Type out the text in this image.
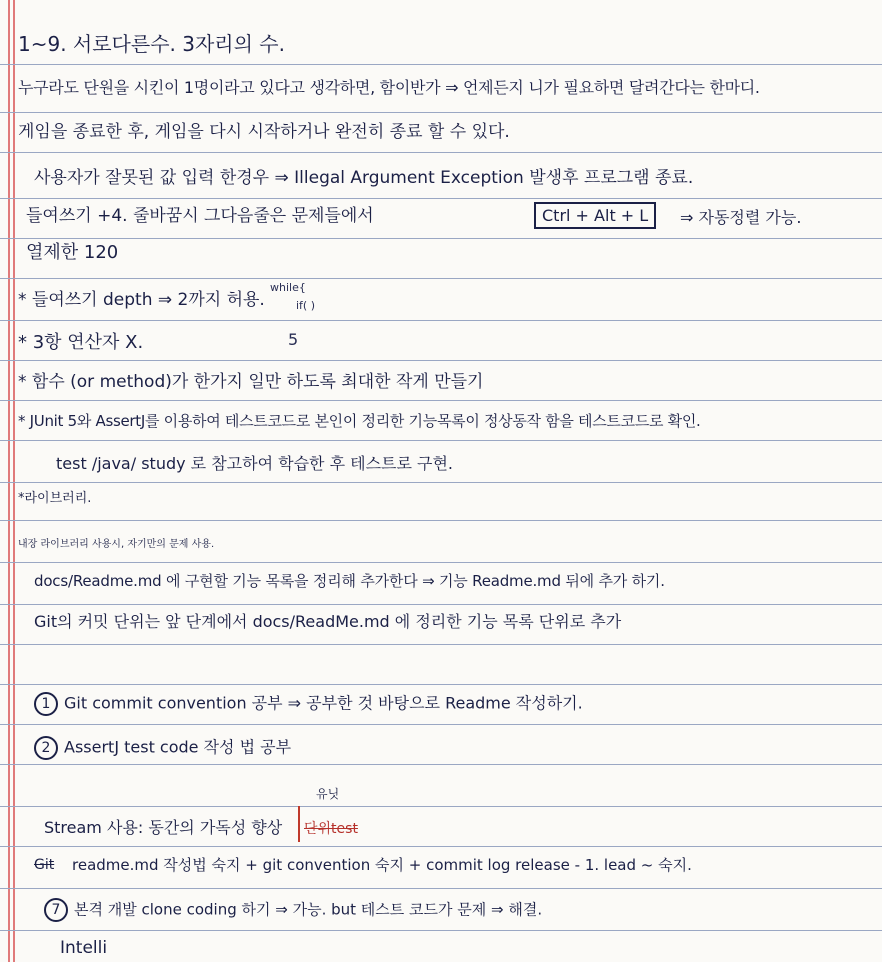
1~9. 서로다른수. 3자리의 수.
누구라도 단원을 시킨이 1명이라고 있다고 생각하면, 함이반가 ⇒ 언제든지 니가 필요하면 달려간다는 한마디.
게임을 종료한 후, 게임을 다시 시작하거나 완전히 종료 할 수 있다.
사용자가 잘못된 값 입력 한경우 ⇒ Illegal Argument Exception 발생후 프로그램 종료.
들여쓰기 +4. 줄바꿈시 그다음줄은 문제들에서	Ctrl + Alt + L	⇒ 자동정렬 가능.
열제한 120
* 들여쓰기 depth ⇒ 2까지 허용.
while{
if( )
* 3항 연산자 X.	5
* 함수 (or method)가 한가지 일만 하도록 최대한 작게 만들기
* JUnit 5와 AssertJ를 이용하여 테스트코드로 본인이 정리한 기능목록이 정상동작 함을 테스트코드로 확인.
test /java/ study 로 참고하여 학습한 후 테스트로 구현.
*라이브러리.
내장 라이브러리 사용시, 자기만의 문제 사용.
docs/Readme.md 에 구현할 기능 목록을 정리해 추가한다 ⇒ 기능 Readme.md 뒤에 추가 하기.
Git의 커밋 단위는 앞 단계에서 docs/ReadMe.md 에 정리한 기능 목록 단위로 추가
1 Git commit convention 공부 ⇒ 공부한 것 바탕으로 Readme 작성하기.
2 AssertJ test code 작성 법 공부
Stream 사용: 동간의 가독성 향상 단위test
유닛
Git readme.md 작성법 숙지 + git convention 숙지 + commit log release - 1. lead ~ 숙지.
7 본격 개발 clone coding 하기 ⇒ 가능. but 테스트 코드가 문제 ⇒ 해결.
Intelli
